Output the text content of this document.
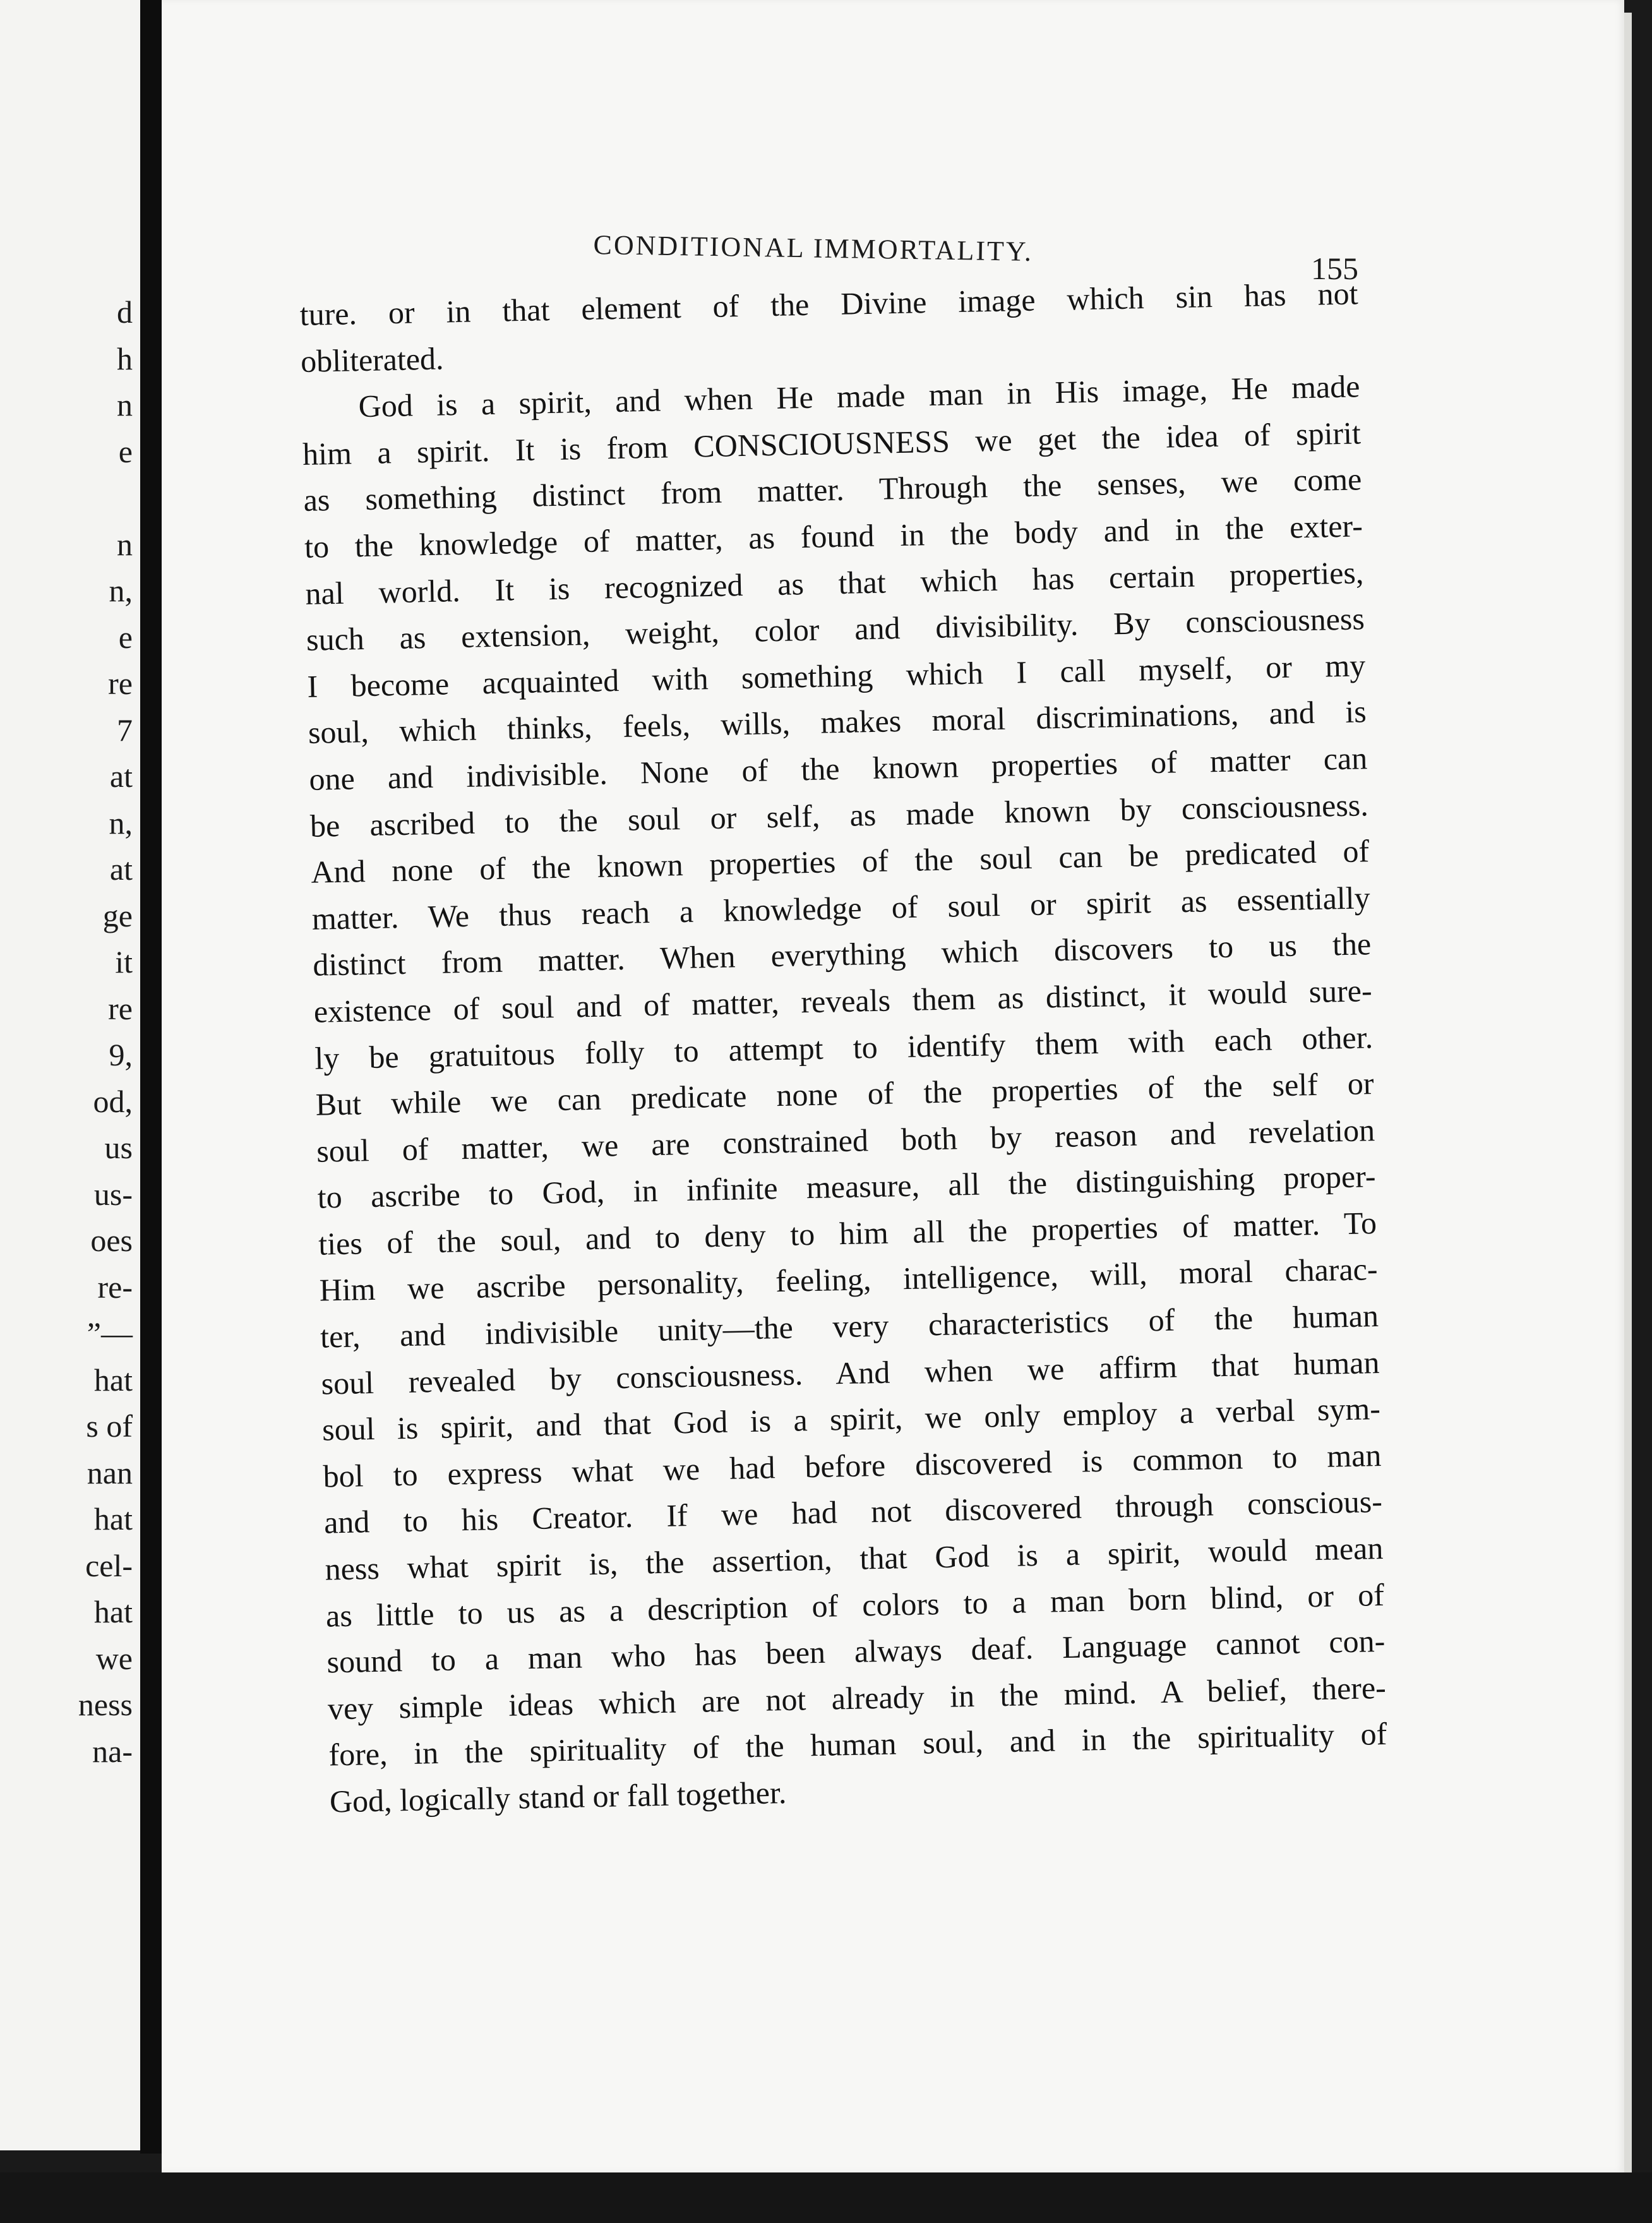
d
h
n
e
n
n,
e
re
7
at
n,
at
ge
it
re
9,
od,
us
us-
oes
re-
”—
hat
s of
nan
hat
cel-
hat
we
ness
na-
CONDITIONAL IMMORTALITY.
155
ture. or in that element of the Divine image which sin has not
obliterated.
God is a spirit, and when He made man in His image, He made
him a spirit. It is from CONSCIOUSNESS we get the idea of spirit
as something distinct from matter. Through the senses, we come
to the knowledge of matter, as found in the body and in the exter-
nal world. It is recognized as that which has certain properties,
such as extension, weight, color and divisibility. By consciousness
I become acquainted with something which I call myself, or my
soul, which thinks, feels, wills, makes moral discriminations, and is
one and indivisible. None of the known properties of matter can
be ascribed to the soul or self, as made known by consciousness.
And none of the known properties of the soul can be predicated of
matter. We thus reach a knowledge of soul or spirit as essentially
distinct from matter. When everything which discovers to us the
existence of soul and of matter, reveals them as distinct, it would sure-
ly be gratuitous folly to attempt to identify them with each other.
But while we can predicate none of the properties of the self or
soul of matter, we are constrained both by reason and revelation
to ascribe to God, in infinite measure, all the distinguishing proper-
ties of the soul, and to deny to him all the properties of matter. To
Him we ascribe personality, feeling, intelligence, will, moral charac-
ter, and indivisible unity—the very characteristics of the human
soul revealed by consciousness. And when we affirm that human
soul is spirit, and that God is a spirit, we only employ a verbal sym-
bol to express what we had before discovered is common to man
and to his Creator. If we had not discovered through conscious-
ness what spirit is, the assertion, that God is a spirit, would mean
as little to us as a description of colors to a man born blind, or of
sound to a man who has been always deaf. Language cannot con-
vey simple ideas which are not already in the mind. A belief, there-
fore, in the spirituality of the human soul, and in the spirituality of
God, logically stand or fall together.
